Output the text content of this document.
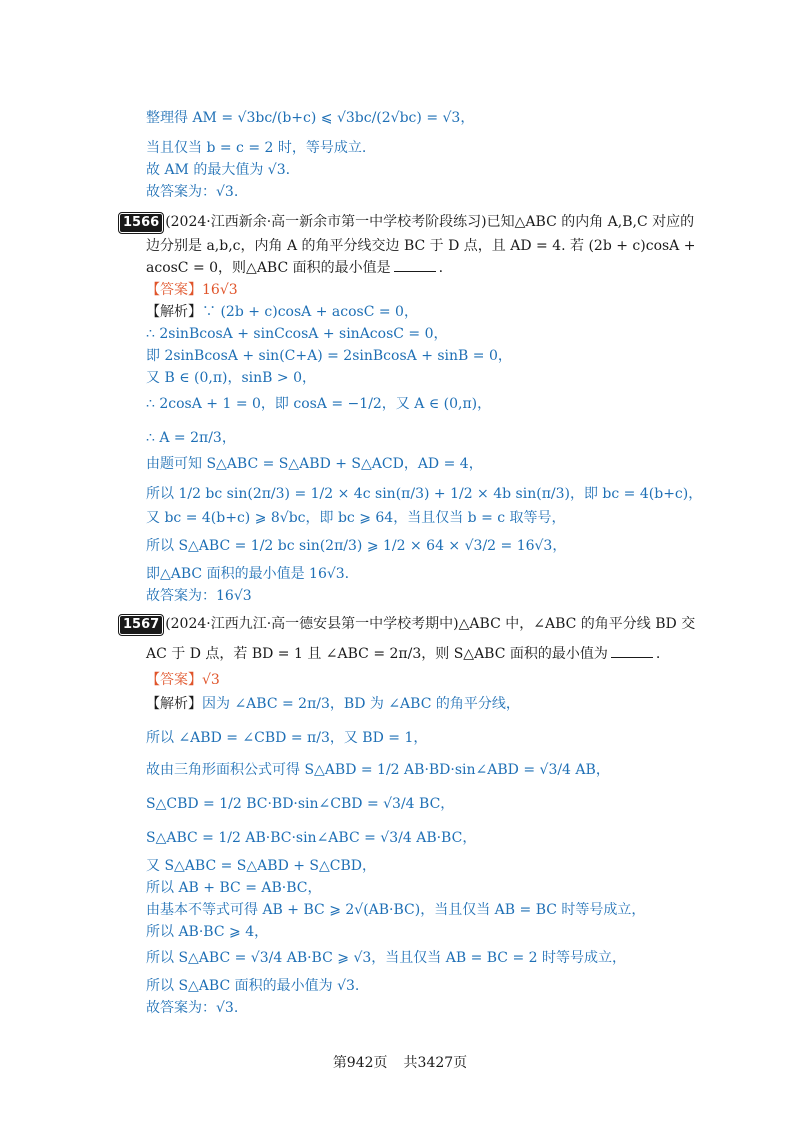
整理得 AM = √3bc/(b+c) ⩽ √3bc/(2√bc) = √3，
当且仅当 b = c = 2 时，等号成立.
故 AM 的最大值为 √3.
故答案为：√3.
1566 (2024·江西新余·高一新余市第一中学校考阶段练习)已知△ABC 的内角 A,B,C 对应的
边分别是 a,b,c，内角 A 的角平分线交边 BC 于 D 点，且 AD = 4. 若 (2b + c)cosA +
acosC = 0，则△ABC 面积的最小值是	.
【答案】16√3
【解析】∵ (2b + c)cosA + acosC = 0，
∴ 2sinBcosA + sinCcosA + sinAcosC = 0，
即 2sinBcosA + sin(C+A) = 2sinBcosA + sinB = 0，
又 B ∈ (0,π)，sinB > 0，
∴ 2cosA + 1 = 0，即 cosA = −1/2，又 A ∈ (0,π)，
∴ A = 2π/3，
由题可知 S△ABC = S△ABD + S△ACD，AD = 4，
所以 1/2 bc sin(2π/3) = 1/2 × 4c sin(π/3) + 1/2 × 4b sin(π/3)，即 bc = 4(b+c)，
又 bc = 4(b+c) ⩾ 8√bc，即 bc ⩾ 64，当且仅当 b = c 取等号，
所以 S△ABC = 1/2 bc sin(2π/3) ⩾ 1/2 × 64 × √3/2 = 16√3，
即△ABC 面积的最小值是 16√3.
故答案为：16√3
1567 (2024·江西九江·高一德安县第一中学校考期中)△ABC 中，∠ABC 的角平分线 BD 交
AC 于 D 点，若 BD = 1 且 ∠ABC = 2π/3，则 S△ABC 面积的最小值为	.
【答案】√3
【解析】因为 ∠ABC = 2π/3，BD 为 ∠ABC 的角平分线，
所以 ∠ABD = ∠CBD = π/3，又 BD = 1，
故由三角形面积公式可得 S△ABD = 1/2 AB·BD·sin∠ABD = √3/4 AB，
S△CBD = 1/2 BC·BD·sin∠CBD = √3/4 BC，
S△ABC = 1/2 AB·BC·sin∠ABC = √3/4 AB·BC，
又 S△ABC = S△ABD + S△CBD，
所以 AB + BC = AB·BC，
由基本不等式可得 AB + BC ⩾ 2√(AB·BC)，当且仅当 AB = BC 时等号成立，
所以 AB·BC ⩾ 4，
所以 S△ABC = √3/4 AB·BC ⩾ √3，当且仅当 AB = BC = 2 时等号成立，
所以 S△ABC 面积的最小值为 √3.
故答案为：√3.
第942页 共3427页
